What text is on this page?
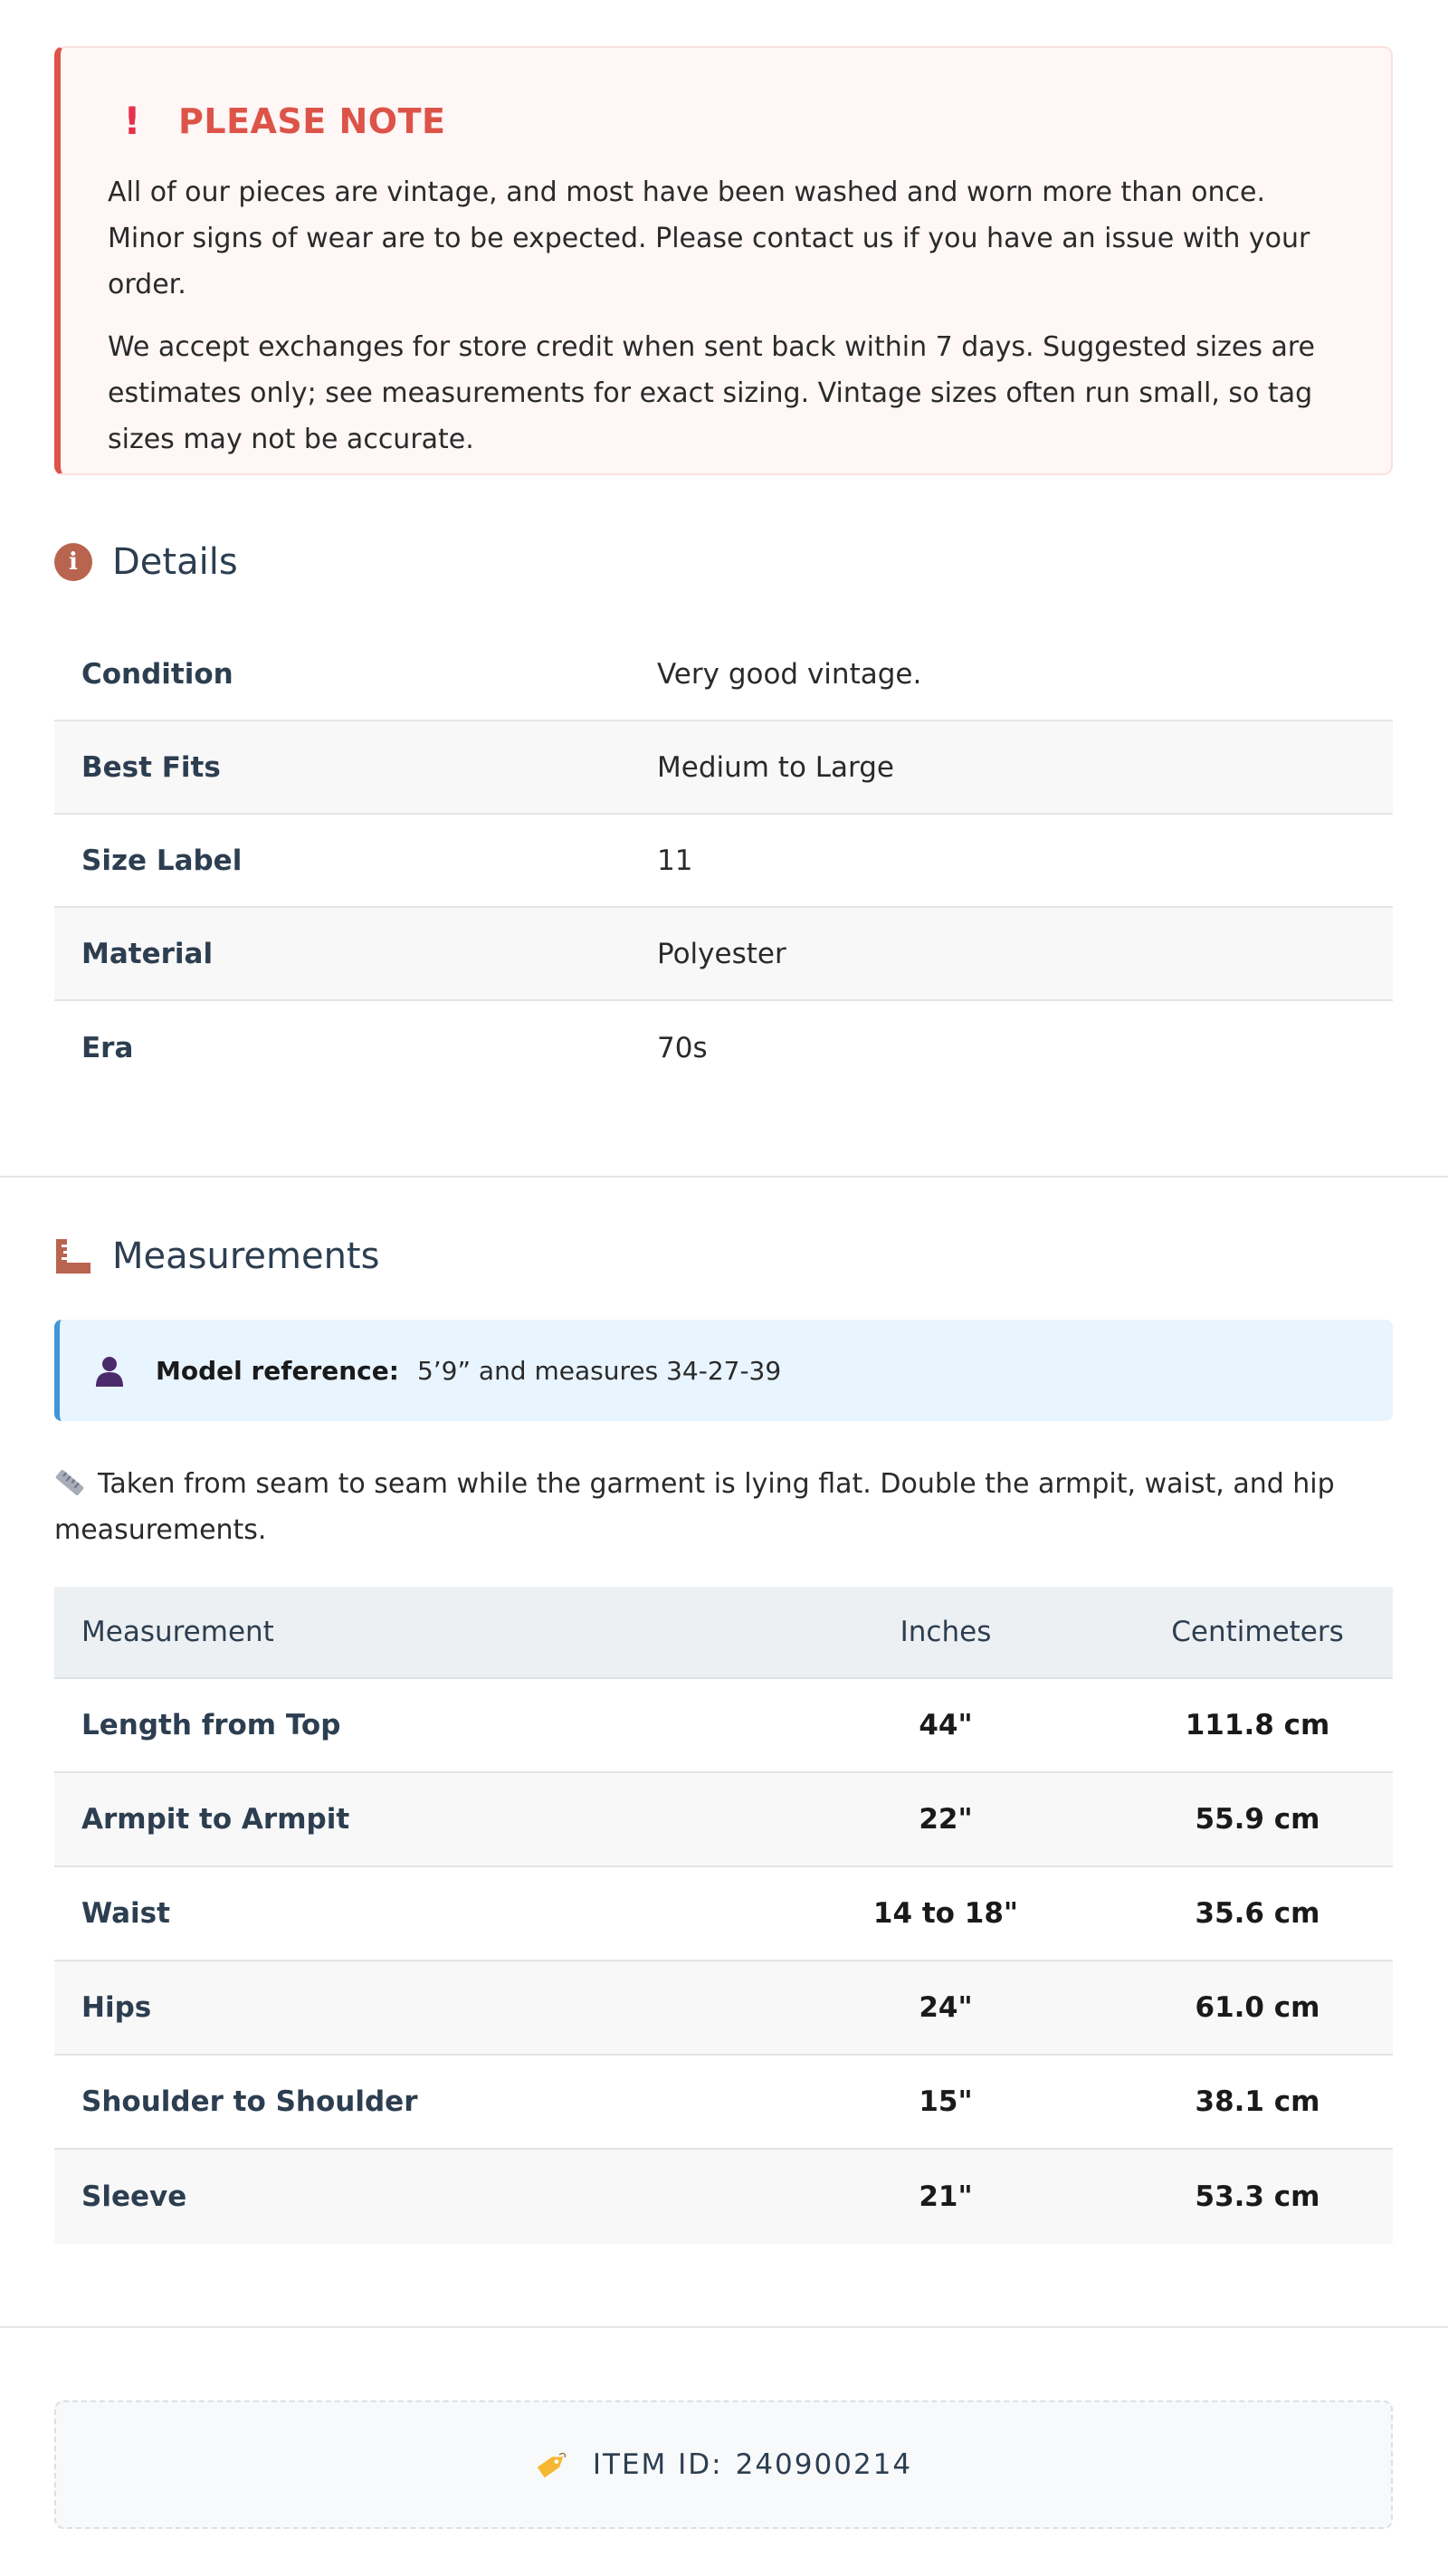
! PLEASE NOTE

All of our pieces are vintage, and most have been washed and worn more than once. Minor signs of wear are to be expected. Please contact us if you have an issue with your order.

We accept exchanges for store credit when sent back within 7 days. Suggested sizes are estimates only; see measurements for exact sizing. Vintage sizes often run small, so tag sizes may not be accurate.

i Details
Condition	Very good vintage.
Best Fits	Medium to Large
Size Label	11
Material	Polyester
Era	70s
Measurements
Model reference: 5’9” and measures 34-27-39
Taken from seam to seam while the garment is lying flat. Double the armpit, waist, and hip measurements.
Measurement	Inches	Centimeters
Length from Top	44"	111.8 cm
Armpit to Armpit	22"	55.9 cm
Waist	14 to 18"	35.6 cm
Hips	24"	61.0 cm
Shoulder to Shoulder	15"	38.1 cm
Sleeve	21"	53.3 cm
ITEM ID: 240900214
